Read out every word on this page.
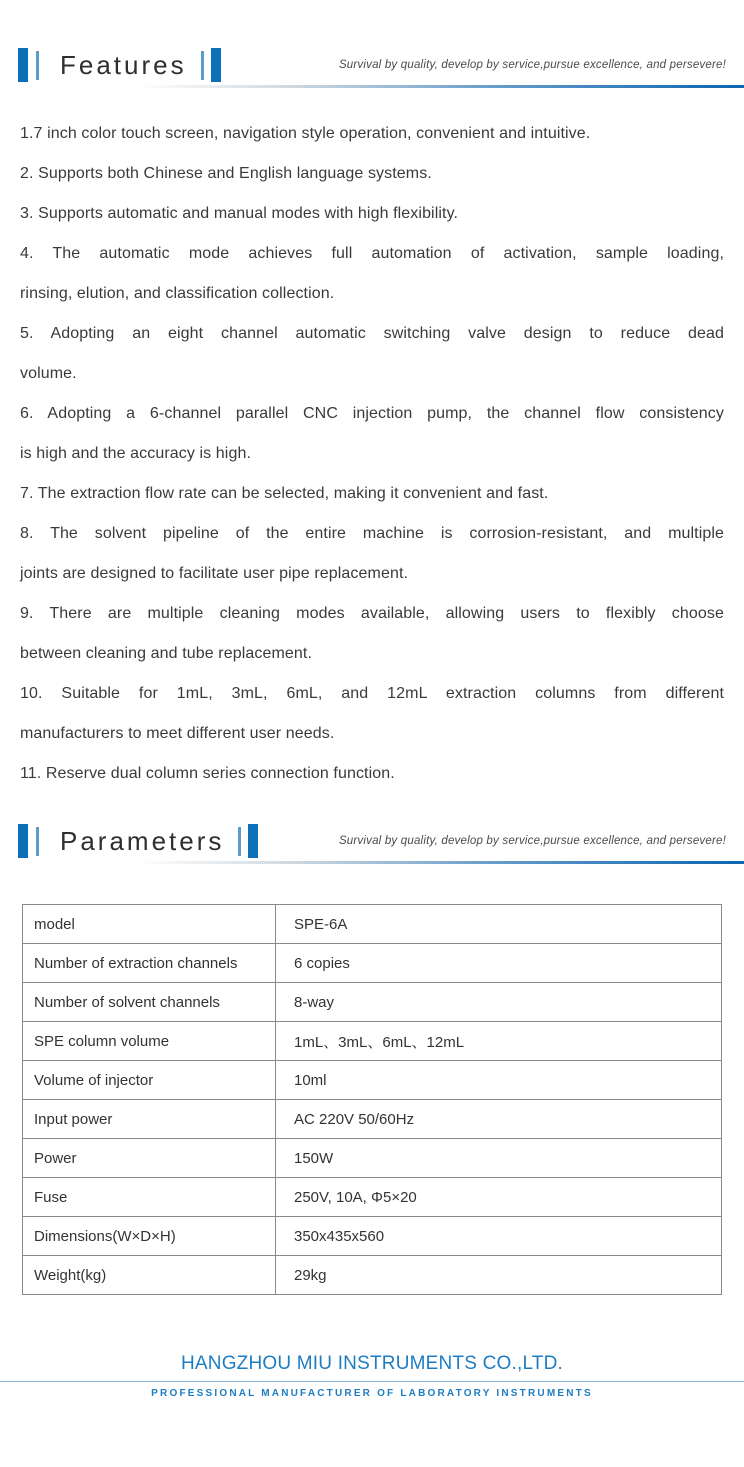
Features	Survival by quality, develop by service,pursue excellence, and persevere!

1.7 inch color touch screen, navigation style operation, convenient and intuitive.

2. Supports both Chinese and English language systems.

3. Supports automatic and manual modes with high flexibility.

4. The automatic mode achieves full automation of activation, sample loading,
rinsing, elution, and classification collection.

5. Adopting an eight channel automatic switching valve design to reduce dead
volume.

6. Adopting a 6-channel parallel CNC injection pump, the channel flow consistency
is high and the accuracy is high.

7. The extraction flow rate can be selected, making it convenient and fast.

8. The solvent pipeline of the entire machine is corrosion-resistant, and multiple
joints are designed to facilitate user pipe replacement.

9. There are multiple cleaning modes available, allowing users to flexibly choose
between cleaning and tube replacement.

10. Suitable for 1mL, 3mL, 6mL, and 12mL extraction columns from different
manufacturers to meet different user needs.

11. Reserve dual column series connection function.

Parameters	Survival by quality, develop by service,pursue excellence, and persevere!
model	SPE-6A
Number of extraction channels	6 copies
Number of solvent channels	8-way
SPE column volume	1mL、3mL、6mL、12mL
Volume of injector	10ml
Input power	AC 220V 50/60Hz
Power	150W
Fuse	250V, 10A, Φ5×20
Dimensions(W×D×H)	350x435x560
Weight(kg)	29kg
HANGZHOU MIU INSTRUMENTS CO.,LTD.
PROFESSIONAL MANUFACTURER OF LABORATORY INSTRUMENTS
